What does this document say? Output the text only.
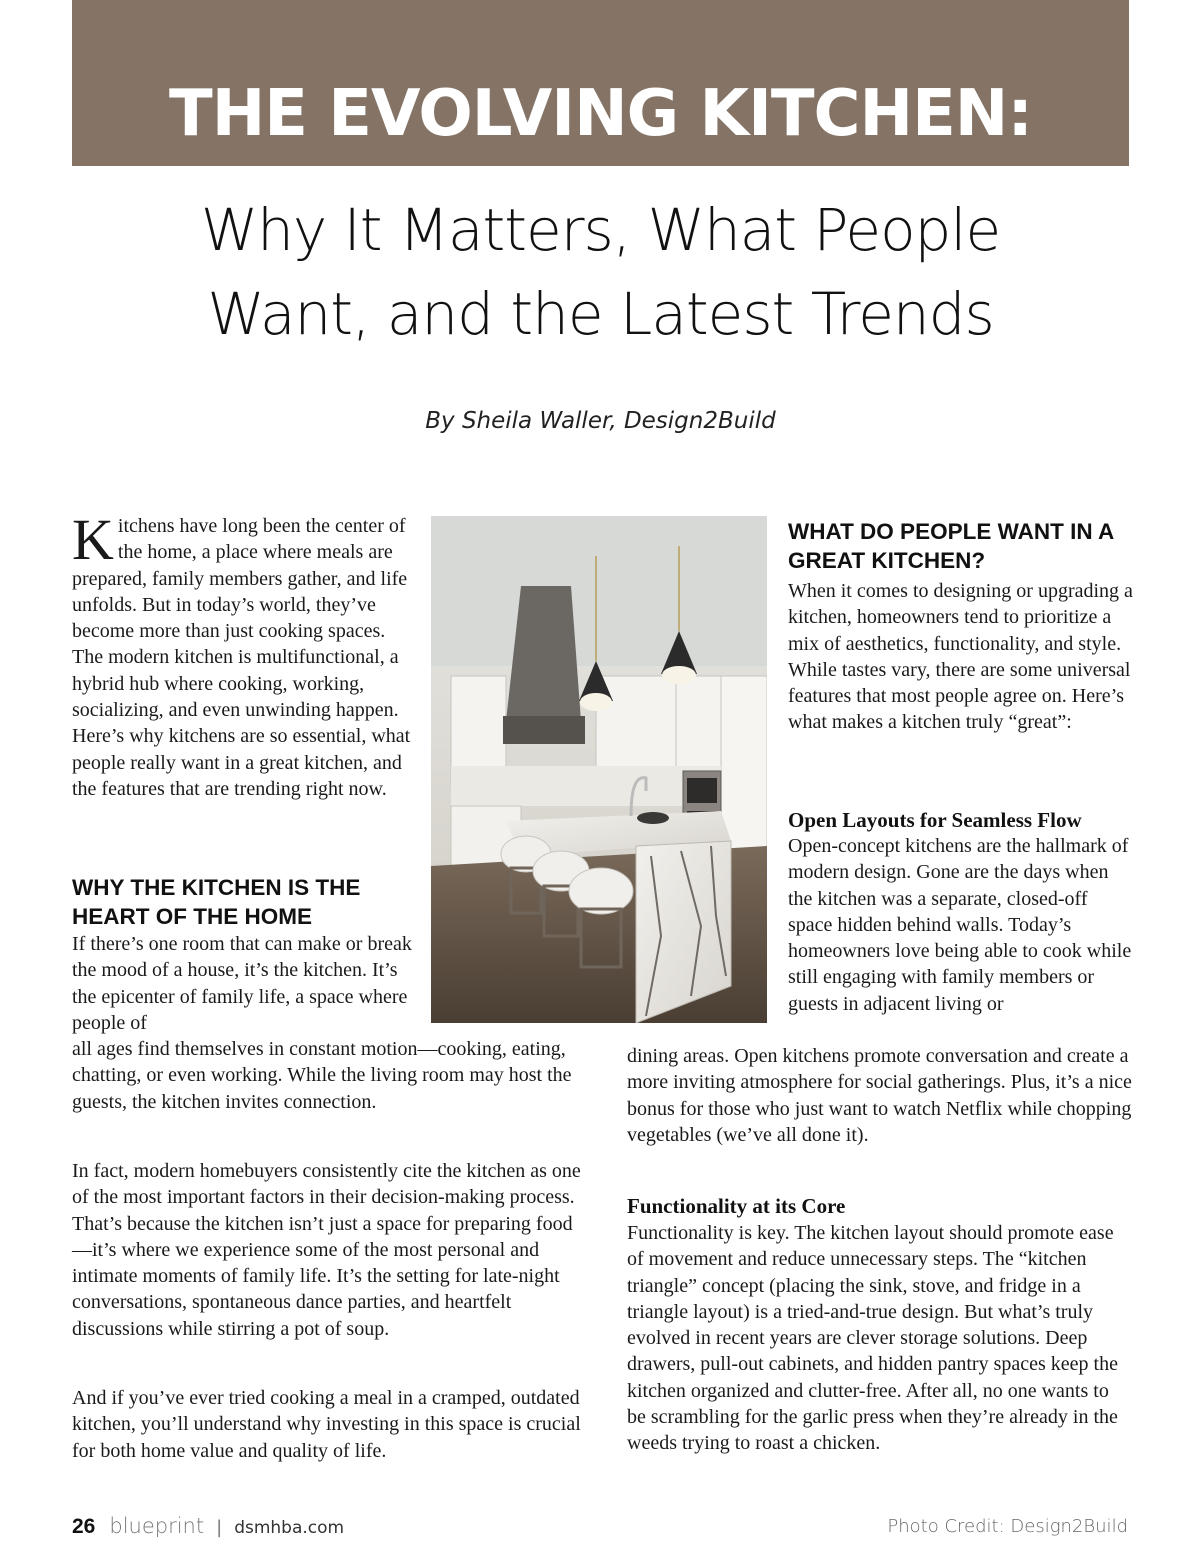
THE EVOLVING KITCHEN:
Why It Matters, What People
Want, and the Latest Trends

By Sheila Waller, Design2Build

Kitchens have long been the center of the home, a place where meals are prepared, family members gather, and life unfolds. But in today’s world, they’ve become more than just cooking spaces. The modern kitchen is multifunctional, a hybrid hub where cooking, working, socializing, and even unwinding happen. Here’s why kitchens are so essential, what people really want in a great kitchen, and the features that are trending right now.

WHY THE KITCHEN IS THE HEART OF THE HOME

If there’s one room that can make or break the mood of a house, it’s the kitchen. It’s the epicenter of family life, a space where people of

all ages find themselves in constant motion—cooking, eating, chatting, or even working. While the living room may host the guests, the kitchen invites connection.

In fact, modern homebuyers consistently cite the kitchen as one of the most important factors in their decision-making process. That’s because the kitchen isn’t just a space for preparing food—it’s where we experience some of the most personal and intimate moments of family life. It’s the setting for late-night conversations, spontaneous dance parties, and heartfelt discussions while stirring a pot of soup.

And if you’ve ever tried cooking a meal in a cramped, outdated kitchen, you’ll understand why investing in this space is crucial for both home value and quality of life.

WHAT DO PEOPLE WANT IN A GREAT KITCHEN?

When it comes to designing or upgrading a kitchen, homeowners tend to prioritize a mix of aesthetics, functionality, and style. While tastes vary, there are some universal features that most people agree on. Here’s what makes a kitchen truly “great”:

Open Layouts for Seamless Flow

Open-concept kitchens are the hallmark of modern design. Gone are the days when the kitchen was a separate, closed-off space hidden behind walls. Today’s homeowners love being able to cook while still engaging with family members or guests in adjacent living or

dining areas. Open kitchens promote conversation and create a more inviting atmosphere for social gatherings. Plus, it’s a nice bonus for those who just want to watch Netflix while chopping vegetables (we’ve all done it).

Functionality at its Core

Functionality is key. The kitchen layout should promote ease of movement and reduce unnecessary steps. The “kitchen triangle” concept (placing the sink, stove, and fridge in a triangle layout) is a tried-and-true design. But what’s truly evolved in recent years are clever storage solutions. Deep drawers, pull-out cabinets, and hidden pantry spaces keep the kitchen organized and clutter-free. After all, no one wants to be scrambling for the garlic press when they’re already in the weeds trying to roast a chicken.

26 blueprint | dsmhba.com	Photo Credit: Design2Build
